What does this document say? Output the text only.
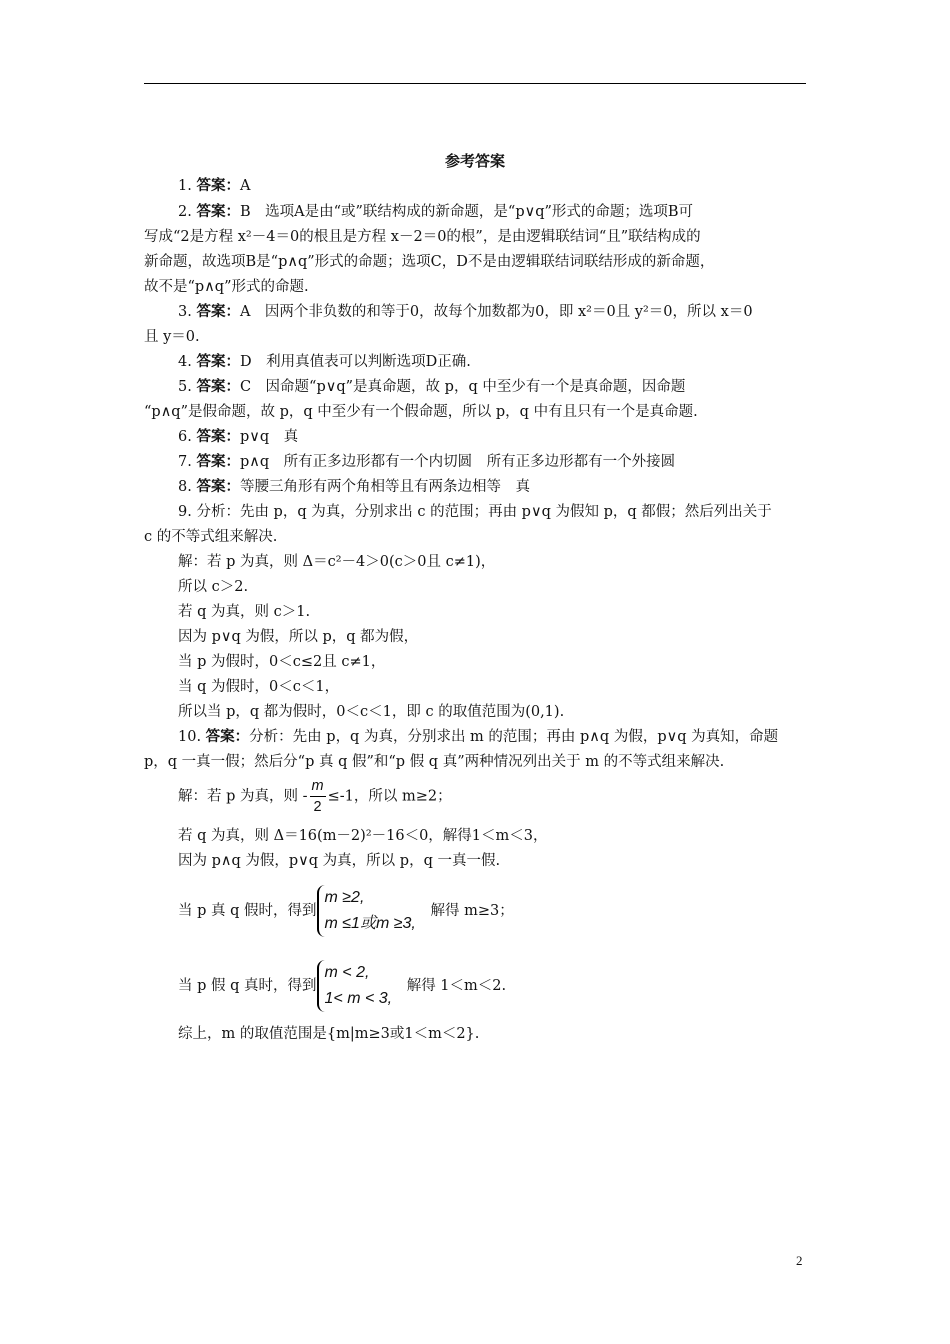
参考答案
1. 答案：A
2. 答案：B　选项A是由“或”联结构成的新命题，是“p∨q”形式的命题；选项B可
写成“2是方程 x²－4＝0的根且是方程 x－2＝0的根”，是由逻辑联结词“且”联结构成的
新命题，故选项B是“p∧q”形式的命题；选项C，D不是由逻辑联结词联结形成的新命题，
故不是“p∧q”形式的命题.
3. 答案：A　因两个非负数的和等于0，故每个加数都为0，即 x²＝0且 y²＝0，所以 x＝0
且 y＝0.
4. 答案：D　利用真值表可以判断选项D正确.
5. 答案：C　因命题“p∨q”是真命题，故 p，q 中至少有一个是真命题，因命题
“p∧q”是假命题，故 p，q 中至少有一个假命题，所以 p，q 中有且只有一个是真命题.
6. 答案：p∨q　真
7. 答案：p∧q　所有正多边形都有一个内切圆　所有正多边形都有一个外接圆
8. 答案：等腰三角形有两个角相等且有两条边相等　真
9. 分析：先由 p，q 为真，分别求出 c 的范围；再由 p∨q 为假知 p，q 都假；然后列出关于
c 的不等式组来解决.
解：若 p 为真，则 Δ＝c²－4＞0(c＞0且 c≠1)，
所以 c＞2.
若 q 为真，则 c＞1.
因为 p∨q 为假，所以 p，q 都为假，
当 p 为假时，0＜c≤2且 c≠1，
当 q 为假时，0＜c＜1，
所以当 p，q 都为假时，0＜c＜1，即 c 的取值范围为(0,1).
10. 答案：分析：先由 p，q 为真，分别求出 m 的范围；再由 p∧q 为假，p∨q 为真知，命题
p，q 一真一假；然后分“p 真 q 假”和“p 假 q 真”两种情况列出关于 m 的不等式组来解决.
解：若 p 为真，则 - $\frac{m}{2} \le-1$，所以 m≥2；
若 q 为真，则 Δ＝16(m－2)²－16＜0，解得1＜m＜3，
因为 p∧q 为假，p∨q 为真，所以 p，q 一真一假.
当 p 真 q 假时，得到
m ≥2,
m ≤1或m ≥3,
解得 m≥3；
当 p 假 q 真时，得到
m < 2,
1< m < 3,
解得 1＜m＜2.
综上，m 的取值范围是{m|m≥3或1＜m＜2}.
2
